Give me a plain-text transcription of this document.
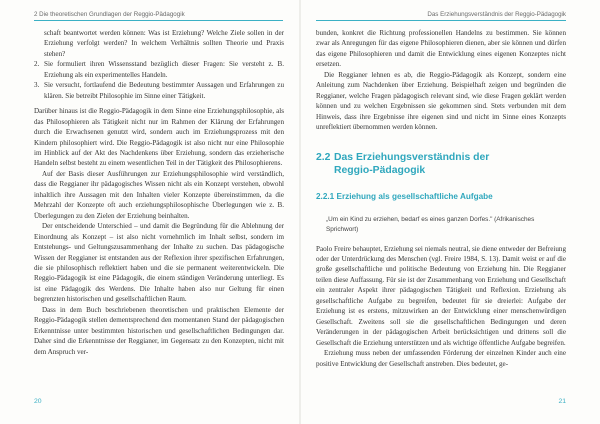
2 Die theoretischen Grundlagen der Reggio-Pädagogik

schaft beantwortet werden können: Was ist Erziehung? Welche Ziele sollen in der Erziehung verfolgt werden? In welchem Verhältnis sollten Theorie und Praxis stehen?

2. Sie formuliert ihren Wissensstand bezüglich dieser Fragen: Sie versteht z. B. Erziehung als ein experimentelles Handeln.

3. Sie versucht, fortlaufend die Bedeutung bestimmter Aussagen und Erfahrungen zu klären. Sie betreibt Philosophie im Sinne einer Tätigkeit.

Darüber hinaus ist die Reggio-Pädagogik in dem Sinne eine Erziehungsphilosophie, als das Philosophieren als Tätigkeit nicht nur im Rahmen der Klärung der Erfahrungen durch die Erwachsenen genutzt wird, sondern auch im Erziehungsprozess mit den Kindern philosophiert wird. Die Reggio-Pädagogik ist also nicht nur eine Philosophie im Hinblick auf der Akt des Nachdenkens über Erziehung, sondern das erzieherische Handeln selbst besteht zu einem wesentlichen Teil in der Tätigkeit des Philosophierens.

Auf der Basis dieser Ausführungen zur Erziehungsphilosophie wird verständlich, dass die Reggianer ihr pädagogisches Wissen nicht als ein Konzept verstehen, obwohl inhaltlich ihre Aussagen mit den Inhalten vieler Konzepte übereinstimmen, da die Mehrzahl der Konzepte oft auch erziehungsphilosophische Überlegungen wie z. B. Überlegungen zu den Zielen der Erziehung beinhalten.

Der entscheidende Unterschied – und damit die Begründung für die Ablehnung der Einordnung als Konzept – ist also nicht vornehmlich im Inhalt selbst, sondern im Entstehungs- und Geltungszusammenhang der Inhalte zu suchen. Das pädagogische Wissen der Reggianer ist entstanden aus der Reflexion ihrer spezifischen Erfahrungen, die sie philosophisch reflektiert haben und die sie permanent weiterentwickeln. Die Reggio-Pädagogik ist eine Pädagogik, die einem ständigen Veränderung unterliegt. Es ist eine Pädagogik des Werdens. Die Inhalte haben also nur Geltung für einen begrenzten historischen und gesellschaftlichen Raum.

Dass in dem Buch beschriebenen theoretischen und praktischen Elemente der Reggio-Pädagogik stellen dementsprechend den momentanen Stand der pädagogischen Erkenntnisse unter bestimmten historischen und gesellschaftlichen Bedingungen dar. Daher sind die Erkenntnisse der Reggianer, im Gegensatz zu den Konzepten, nicht mit dem Anspruch ver-

20
Das Erziehungsverständnis der Reggio-Pädagogik

bunden, konkret die Richtung professionellen Handelns zu bestimmen. Sie können zwar als Anregungen für das eigene Philosophieren dienen, aber sie können und dürfen das eigene Philosophieren und damit die Entwicklung eines eigenen Konzeptes nicht ersetzen.

Die Reggianer lehnen es ab, die Reggio-Pädagogik als Konzept, sondern eine Anleitung zum Nachdenken über Erziehung. Beispielhaft zeigen und begründen die Reggianer, welche Fragen pädagogisch relevant sind, wie diese Fragen geklärt werden können und zu welchen Ergebnissen sie gekommen sind. Stets verbunden mit dem Hinweis, dass ihre Ergebnisse ihre eigenen sind und nicht im Sinne eines Konzepts unreflektiert übernommen werden können.

2.2 Das Erziehungsverständnis der
Reggio-Pädagogik
2.2.1 Erziehung als gesellschaftliche Aufgabe
„Um ein Kind zu erziehen, bedarf es eines ganzen Dorfes." (Afrikanisches Sprichwort)

Paolo Freire behauptet, Erziehung sei niemals neutral, sie diene entweder der Befreiung oder der Unterdrückung des Menschen (vgl. Freire 1984, S. 13). Damit weist er auf die große gesellschaftliche und politische Bedeutung von Erziehung hin. Die Reggianer teilen diese Auffassung. Für sie ist der Zusammenhang von Erziehung und Gesellschaft ein zentraler Aspekt ihrer pädagogischen Tätigkeit und Reflexion. Erziehung als gesellschaftliche Aufgabe zu begreifen, bedeutet für sie dreierlei: Aufgabe der Erziehung ist es erstens, mitzuwirken an der Entwicklung einer menschenwürdigen Gesellschaft. Zweitens soll sie die gesellschaftlichen Bedingungen und deren Veränderungen in der pädagogischen Arbeit berücksichtigen und drittens soll die Gesellschaft die Erziehung unterstützen und als wichtige öffentliche Aufgabe begreifen.

Erziehung muss neben der umfassenden Förderung der einzelnen Kinder auch eine positive Entwicklung der Gesellschaft anstreben. Dies bedeutet, ge-

21
